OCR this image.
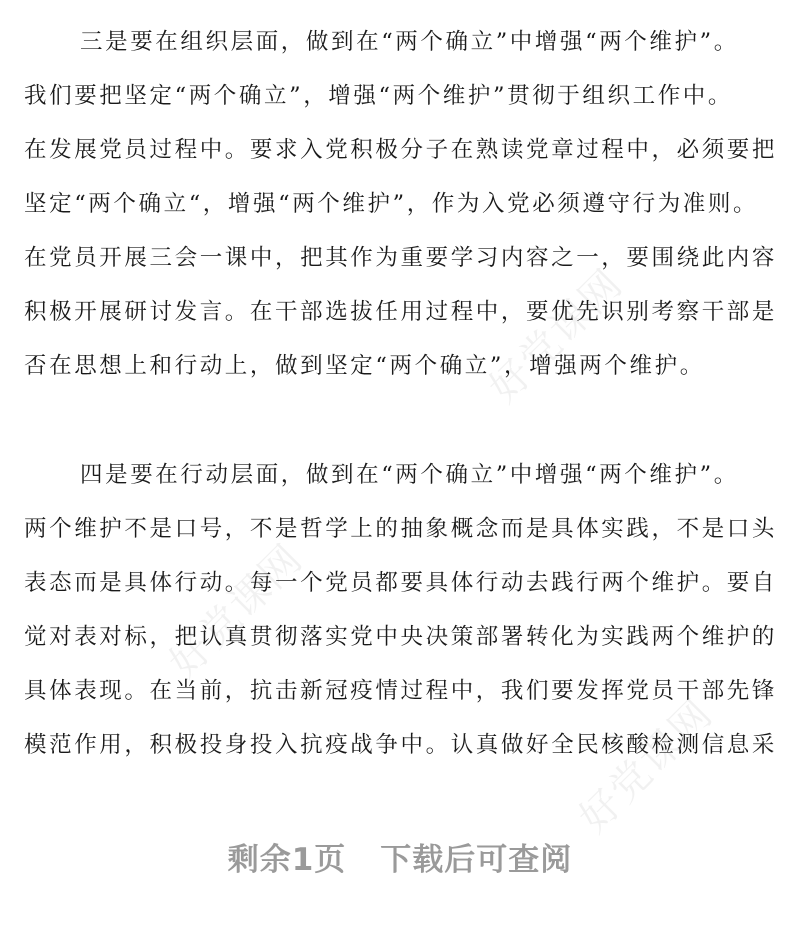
好党课网
好党课网
好党课网
三是要在组织层面，做到在“两个确立”中增强“两个维护”。
我们要把坚定“两个确立”，增强“两个维护”贯彻于组织工作中。
在发展党员过程中。要求入党积极分子在熟读党章过程中，必须要把
坚定“两个确立“，增强“两个维护”，作为入党必须遵守行为准则。
在党员开展三会一课中，把其作为重要学习内容之一，要围绕此内容
积极开展研讨发言。在干部选拔任用过程中，要优先识别考察干部是
否在思想上和行动上，做到坚定“两个确立”，增强两个维护。
四是要在行动层面，做到在“两个确立”中增强“两个维护”。
两个维护不是口号，不是哲学上的抽象概念而是具体实践，不是口头
表态而是具体行动。每一个党员都要具体行动去践行两个维护。要自
觉对表对标，把认真贯彻落实党中央决策部署转化为实践两个维护的
具体表现。在当前，抗击新冠疫情过程中，我们要发挥党员干部先锋
模范作用，积极投身投入抗疫战争中。认真做好全民核酸检测信息采
剩余1页 下载后可查阅
